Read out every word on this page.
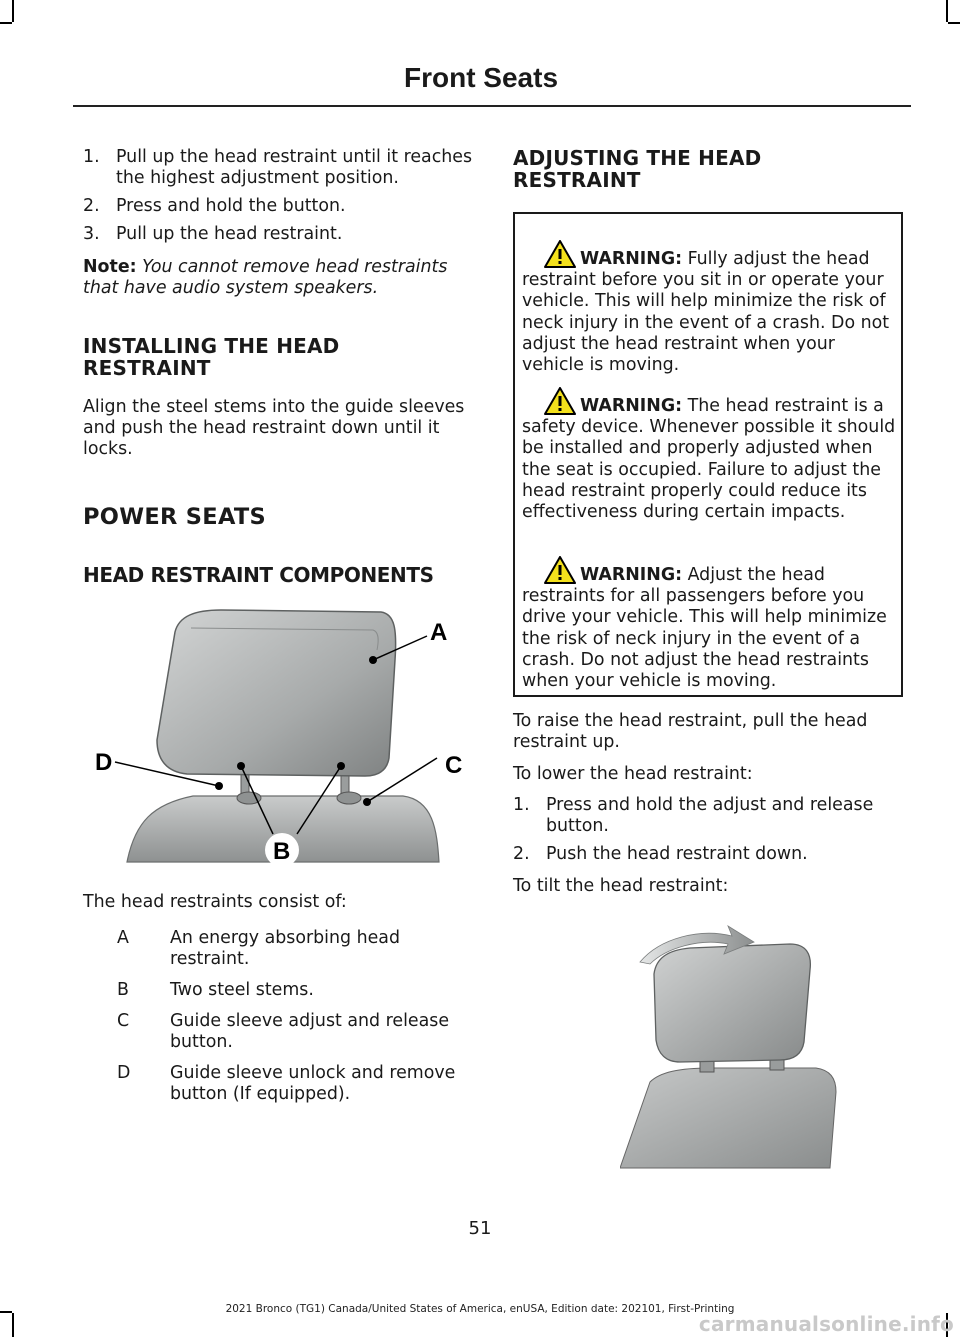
Front Seats
1. Pull up the head restraint until it reaches the highest adjustment position.
2. Press and hold the button.
3. Pull up the head restraint.

Note: You cannot remove head restraints that have audio system speakers.

INSTALLING THE HEAD RESTRAINT

Align the steel stems into the guide sleeves and push the head restraint down until it locks.

POWER SEATS
HEAD RESTRAINT COMPONENTS
A
D	C
B

The head restraints consist of:

A An energy absorbing head restraint.
B Two steel stems.
C Guide sleeve adjust and release button.
D Guide sleeve unlock and remove button (If equipped).
ADJUSTING THE HEAD RESTRAINT
WARNING: Fully adjust the head restraint before you sit in or operate your vehicle. This will help minimize the risk of neck injury in the event of a crash. Do not adjust the head restraint when your vehicle is moving.
WARNING: The head restraint is a safety device. Whenever possible it should be installed and properly adjusted when the seat is occupied. Failure to adjust the head restraint properly could reduce its effectiveness during certain impacts.
WARNING: Adjust the head restraints for all passengers before you drive your vehicle. This will help minimize the risk of neck injury in the event of a crash. Do not adjust the head restraints when your vehicle is moving.

To raise the head restraint, pull the head restraint up.

To lower the head restraint:

1. Press and hold the adjust and release button.
2. Push the head restraint down.

To tilt the head restraint:

51
2021 Bronco (TG1) Canada/United States of America, enUSA, Edition date: 202101, First-Printing
carmanualsonline.info
